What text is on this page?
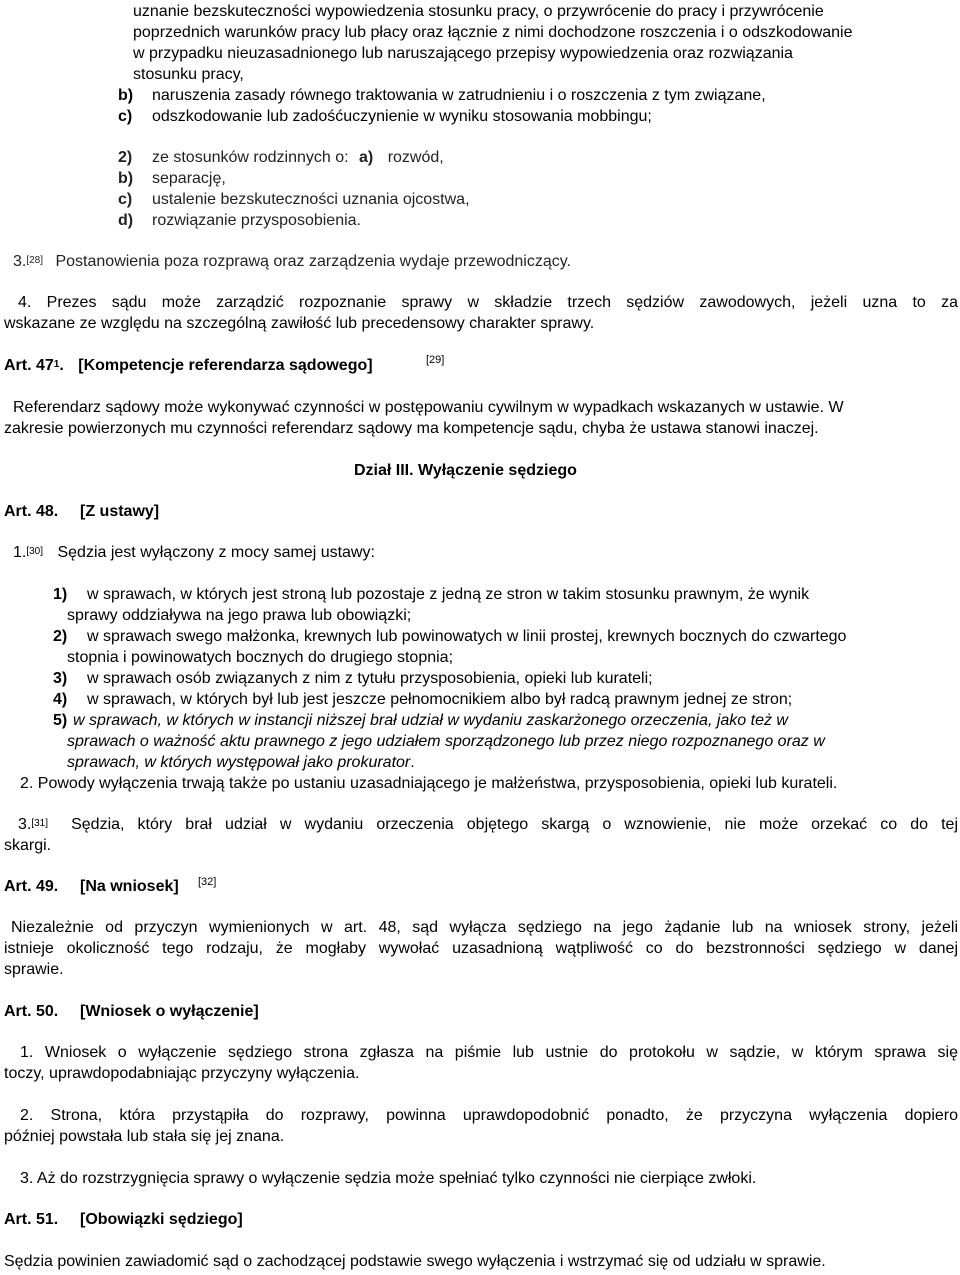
uznanie bezskuteczności wypowiedzenia stosunku pracy, o przywrócenie do pracy i przywrócenie
poprzednich warunków pracy lub płacy oraz łącznie z nimi dochodzone roszczenia i o odszkodowanie
w przypadku nieuzasadnionego lub naruszającego przepisy wypowiedzenia oraz rozwiązania
stosunku pracy,
b) naruszenia zasady równego traktowania w zatrudnieniu i o roszczenia z tym związane,
c) odszkodowanie lub zadośćuczynienie w wyniku stosowania mobbingu;
2) ze stosunków rodzinnych o: a) rozwód,
b) separację,
c) ustalenie bezskuteczności uznania ojcostwa,
d) rozwiązanie przysposobienia.
3.[28] Postanowienia poza rozprawą oraz zarządzenia wydaje przewodniczący.
4. Prezes sądu może zarządzić rozpoznanie sprawy w składzie trzech sędziów zawodowych, jeżeli uzna to za
wskazane ze względu na szczególną zawiłość lub precedensowy charakter sprawy.
Art. $47^1$. [Kompetencje referendarza sądowego]	[29]
Referendarz sądowy może wykonywać czynności w postępowaniu cywilnym w wypadkach wskazanych w ustawie. W
zakresie powierzonych mu czynności referendarz sądowy ma kompetencje sądu, chyba że ustawa stanowi inaczej.
Dział III. Wyłączenie sędziego
Art. 48. [Z ustawy]
1.[30] Sędzia jest wyłączony z mocy samej ustawy:
1) w sprawach, w których jest stroną lub pozostaje z jedną ze stron w takim stosunku prawnym, że wynik
sprawy oddziaływa na jego prawa lub obowiązki;
2) w sprawach swego małżonka, krewnych lub powinowatych w linii prostej, krewnych bocznych do czwartego
stopnia i powinowatych bocznych do drugiego stopnia;
3) w sprawach osób związanych z nim z tytułu przysposobienia, opieki lub kurateli;
4) w sprawach, w których był lub jest jeszcze pełnomocnikiem albo był radcą prawnym jednej ze stron;
5) w sprawach, w których w instancji niższej brał udział w wydaniu zaskarżonego orzeczenia, jako też w
sprawach o ważność aktu prawnego z jego udziałem sporządzonego lub przez niego rozpoznanego oraz w
sprawach, w których występował jako prokurator.
2. Powody wyłączenia trwają także po ustaniu uzasadniającego je małżeństwa, przysposobienia, opieki lub kurateli.
3.[31] Sędzia, który brał udział w wydaniu orzeczenia objętego skargą o wznowienie, nie może orzekać co do tej
skargi.
Art. 49. [Na wniosek] [32]
Niezależnie od przyczyn wymienionych w art. 48, sąd wyłącza sędziego na jego żądanie lub na wniosek strony, jeżeli
istnieje okoliczność tego rodzaju, że mogłaby wywołać uzasadnioną wątpliwość co do bezstronności sędziego w danej
sprawie.
Art. 50. [Wniosek o wyłączenie]
1. Wniosek o wyłączenie sędziego strona zgłasza na piśmie lub ustnie do protokołu w sądzie, w którym sprawa się
toczy, uprawdopodabniając przyczyny wyłączenia.
2. Strona, która przystąpiła do rozprawy, powinna uprawdopodobnić ponadto, że przyczyna wyłączenia dopiero
później powstała lub stała się jej znana.
3. Aż do rozstrzygnięcia sprawy o wyłączenie sędzia może spełniać tylko czynności nie cierpiące zwłoki.
Art. 51. [Obowiązki sędziego]
Sędzia powinien zawiadomić sąd o zachodzącej podstawie swego wyłączenia i wstrzymać się od udziału w sprawie.
